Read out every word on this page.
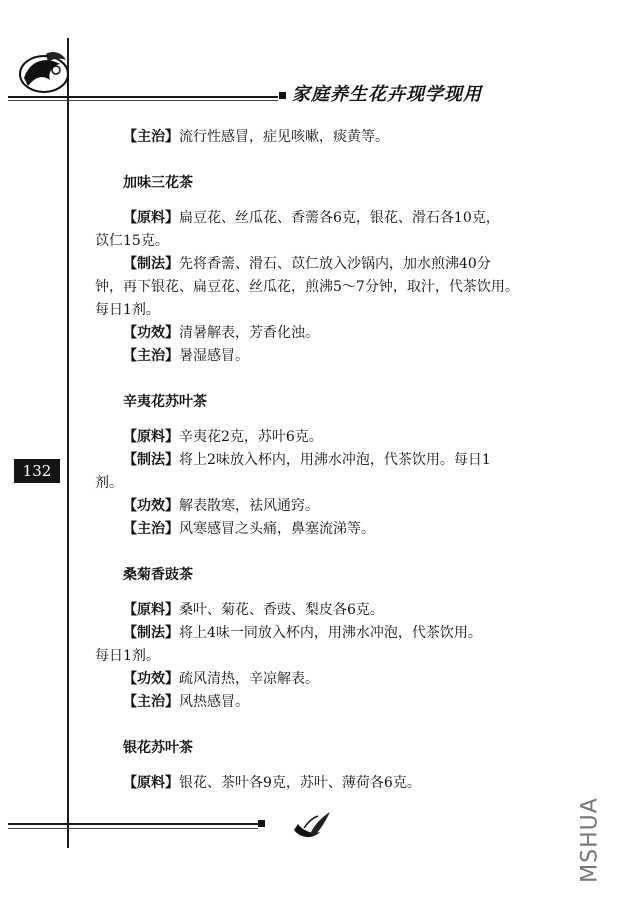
家庭养生花卉现学现用
132
MSHUA
【主治】流行性感冒，症见咳嗽，痰黄等。
加味三花茶
【原料】扁豆花、丝瓜花、香薷各6克，银花、滑石各10克，
苡仁15克。
【制法】先将香薷、滑石、苡仁放入沙锅内，加水煎沸40分
钟，再下银花、扁豆花、丝瓜花，煎沸5～7分钟，取汁，代茶饮用。
每日1剂。
【功效】清暑解表，芳香化浊。
【主治】暑湿感冒。
辛夷花苏叶茶
【原料】辛夷花2克，苏叶6克。
【制法】将上2味放入杯内，用沸水冲泡，代茶饮用。每日1
剂。
【功效】解表散寒，祛风通窍。
【主治】风寒感冒之头痛，鼻塞流涕等。
桑菊香豉茶
【原料】桑叶、菊花、香豉、梨皮各6克。
【制法】将上4味一同放入杯内，用沸水冲泡，代茶饮用。
每日1剂。
【功效】疏风清热，辛凉解表。
【主治】风热感冒。
银花苏叶茶
【原料】银花、茶叶各9克，苏叶、薄荷各6克。
